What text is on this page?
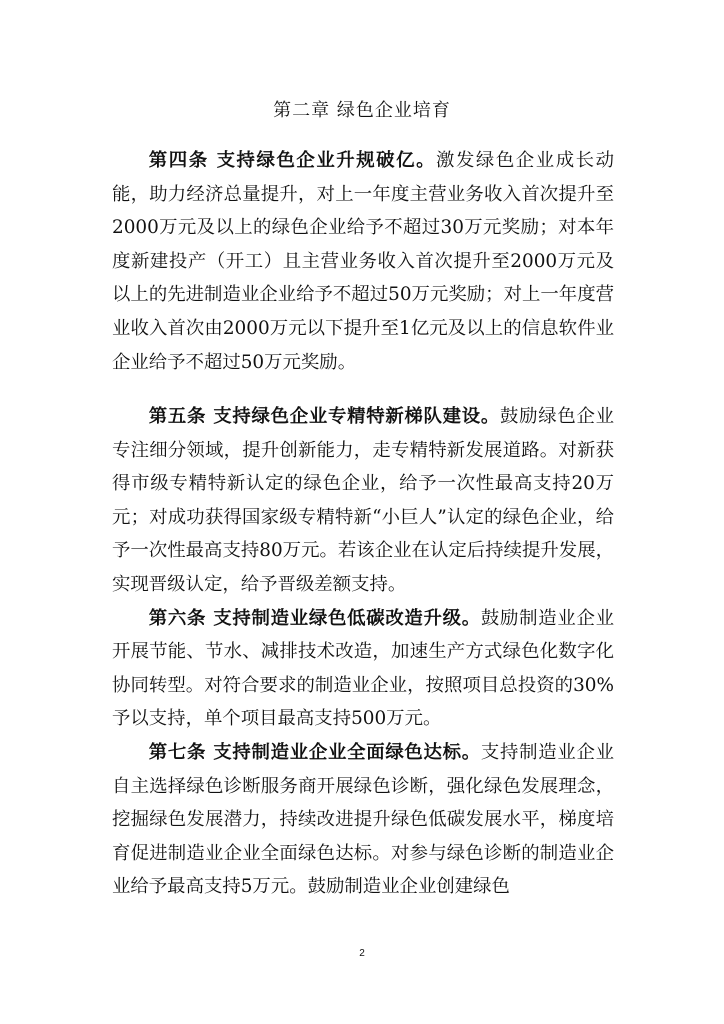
第二章 绿色企业培育

第四条 支持绿色企业升规破亿。激发绿色企业成长动能，助力经济总量提升，对上一年度主营业务收入首次提升至2000万元及以上的绿色企业给予不超过30万元奖励；对本年度新建投产（开工）且主营业务收入首次提升至2000万元及以上的先进制造业企业给予不超过50万元奖励；对上一年度营业收入首次由2000万元以下提升至1亿元及以上的信息软件业企业给予不超过50万元奖励。

第五条 支持绿色企业专精特新梯队建设。鼓励绿色企业专注细分领域，提升创新能力，走专精特新发展道路。对新获得市级专精特新认定的绿色企业，给予一次性最高支持20万元；对成功获得国家级专精特新“小巨人”认定的绿色企业，给予一次性最高支持80万元。若该企业在认定后持续提升发展，实现晋级认定，给予晋级差额支持。

第六条 支持制造业绿色低碳改造升级。鼓励制造业企业开展节能、节水、减排技术改造，加速生产方式绿色化数字化协同转型。对符合要求的制造业企业，按照项目总投资的30%予以支持，单个项目最高支持500万元。

第七条 支持制造业企业全面绿色达标。支持制造业企业自主选择绿色诊断服务商开展绿色诊断，强化绿色发展理念，挖掘绿色发展潜力，持续改进提升绿色低碳发展水平，梯度培育促进制造业企业全面绿色达标。对参与绿色诊断的制造业企业给予最高支持5万元。鼓励制造业企业创建绿色

2
